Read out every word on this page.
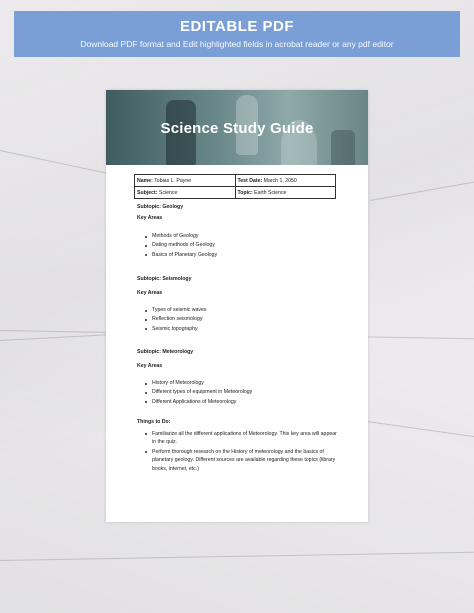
EDITABLE PDF
Download PDF format and Edit highlighted fields in acrobat reader or any pdf editor
Science Study Guide
Name: Tobias L. Payne	Test Date: March 1, 2050
Subject: Science	Topic: Earth Science
Subtopic: Geology
Key Areas
Methods of Geology
Dating methods of Geology
Basics of Planetary Geology
Subtopic: Seismology
Key Areas
Types of seismic waves
Reflection seismology
Seismic topography
Subtopic: Meteorology
Key Areas
History of Meteorology
Different types of equipment in Meteorology
Different Applications of Meteorology
Things to Do:
Familiarize all the different applications of Meteorology. This key area will appear in the quiz.
Perform thorough research on the History of meteorology and the basics of planetary geology. Different sources are available regarding these topics (library books, internet, etc.)
